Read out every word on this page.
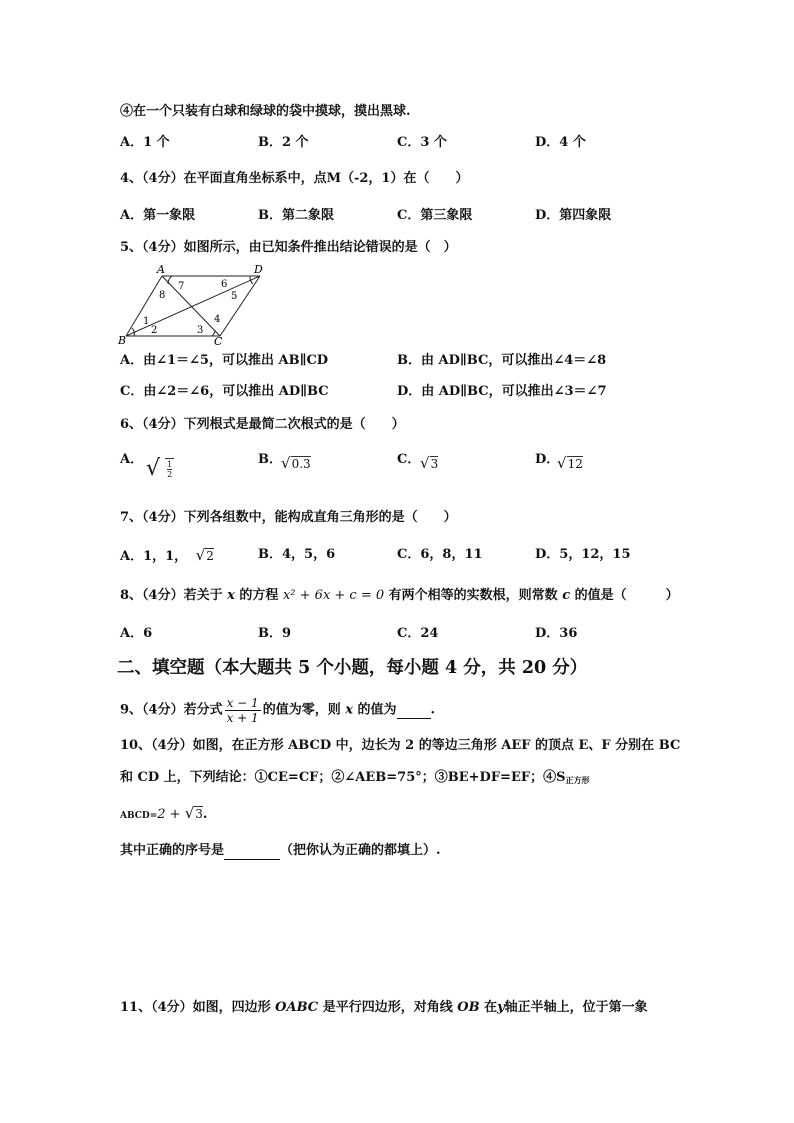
④在一个只装有白球和绿球的袋中摸球，摸出黑球.
A．1 个	B．2 个	C．3 个	D．4 个
4、（4分）在平面直角坐标系中，点M（-2，1）在（　　）
A．第一象限	B．第二象限	C．第三象限	D．第四象限
5、（4分）如图所示，由已知条件推出结论错误的是（　）
A	D
B	C
1
2	3
4
5
6
7
8
A．由∠1＝∠5，可以推出 AB∥CD	B．由 AD∥BC，可以推出∠4＝∠8
C．由∠2＝∠6，可以推出 AD∥BC	D．由 AD∥BC，可以推出∠3＝∠7
6、（4分）下列根式是最简二次根式的是（　　）
A． √ $\frac{1}{2}$	B． √0.3	C． √3	D．
√12
7、（4分）下列各组数中，能构成直角三角形的是（　　）
A．1，1， √2	B．4，5，6	C．6，8，11	D．5，12，15
8、（4分）若关于 x 的方程 x² + 6x + c = 0 有两个相等的实数根，则常数 c 的值是（　　　）
A．6	B．9	C．24	D．36
二、填空题（本大题共 5 个小题，每小题 4 分，共 20 分）
9、（4分）若分式 $\frac{x - 1}{x + 1}$ 的值为零，则 x 的值为	.
10、（4分）如图，在正方形 ABCD 中，边长为 2 的等边三角形 AEF 的顶点 E、F 分别在 BC
和 CD 上，下列结论：①CE=CF；②∠AEB=75°；③BE+DF=EF；$④S_{正方形}$
ABCD=2 + √3.
其中正确的序号是	（把你认为正确的都填上）.
11、（4分）如图，四边形 OABC 是平行四边形，对角线 OB 在y轴正半轴上，位于第一象
